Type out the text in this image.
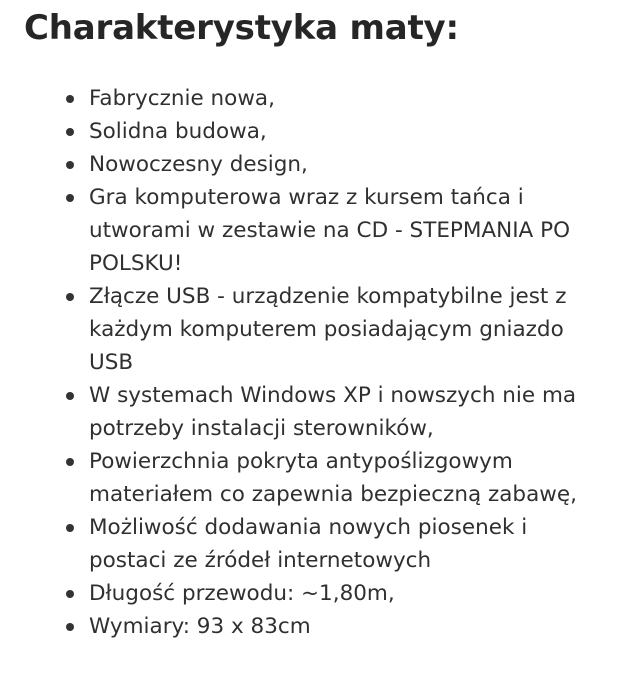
Charakterystyka maty:
Fabrycznie nowa,
Solidna budowa,
Nowoczesny design,
Gra komputerowa wraz z kursem tańca i utworami w zestawie na CD - STEPMANIA PO POLSKU!
Złącze USB - urządzenie kompatybilne jest z każdym komputerem posiadającym gniazdo USB
W systemach Windows XP i nowszych nie ma potrzeby instalacji sterowników,
Powierzchnia pokryta antypoślizgowym materiałem co zapewnia bezpieczną zabawę,
Możliwość dodawania nowych piosenek i postaci ze źródeł internetowych
Długość przewodu: ~1,80m,
Wymiary: 93 x 83cm
